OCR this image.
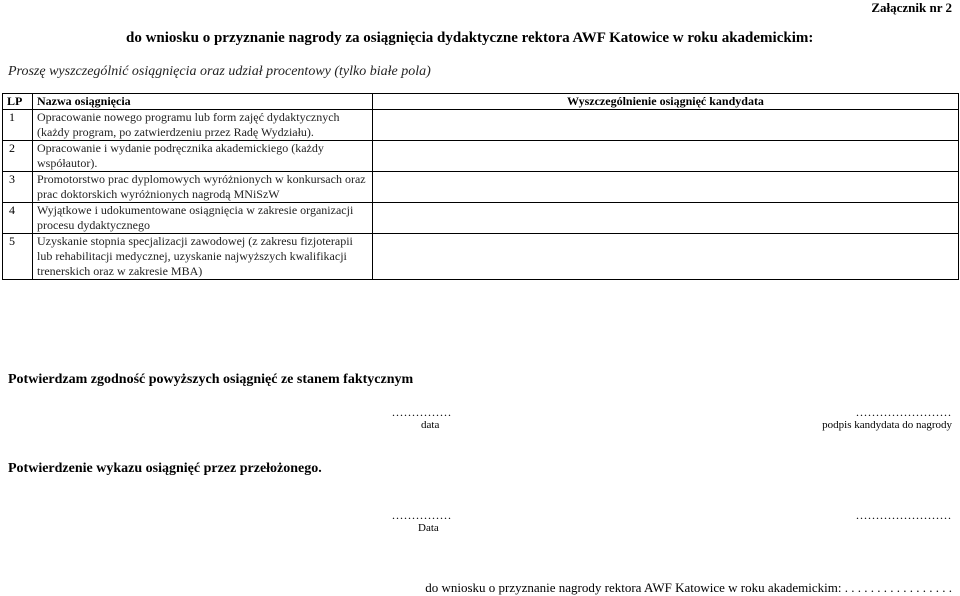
Załącznik nr 2
do wniosku o przyznanie nagrody za osiągnięcia dydaktyczne rektora AWF Katowice w roku akademickim:
Proszę wyszczególnić osiągnięcia oraz udział procentowy (tylko białe pola)
LP	Nazwa osiągnięcia	Wyszczególnienie osiągnięć kandydata
1	Opracowanie nowego programu lub form zajęć dydaktycznych (każdy program, po zatwierdzeniu przez Radę Wydziału).	
2	Opracowanie i wydanie podręcznika akademickiego (każdy współautor).	
3	Promotorstwo prac dyplomowych wyróżnionych w konkursach oraz prac doktorskich wyróżnionych nagrodą MNiSzW	
4	Wyjątkowe i udokumentowane osiągnięcia w zakresie organizacji procesu dydaktycznego	
5	Uzyskanie stopnia specjalizacji zawodowej (z zakresu fizjoterapii lub rehabilitacji medycznej, uzyskanie najwyższych kwalifikacji trenerskich oraz w zakresie MBA)	
Potwierdzam zgodność powyższych osiągnięć ze stanem faktycznym
...............
data
........................
podpis kandydata do nagrody
Potwierdzenie wykazu osiągnięć przez przełożonego.
...............
Data
........................
do wniosku o przyznanie nagrody rektora AWF Katowice w roku akademickim: . . . . . . . . . . . . . . . . .
